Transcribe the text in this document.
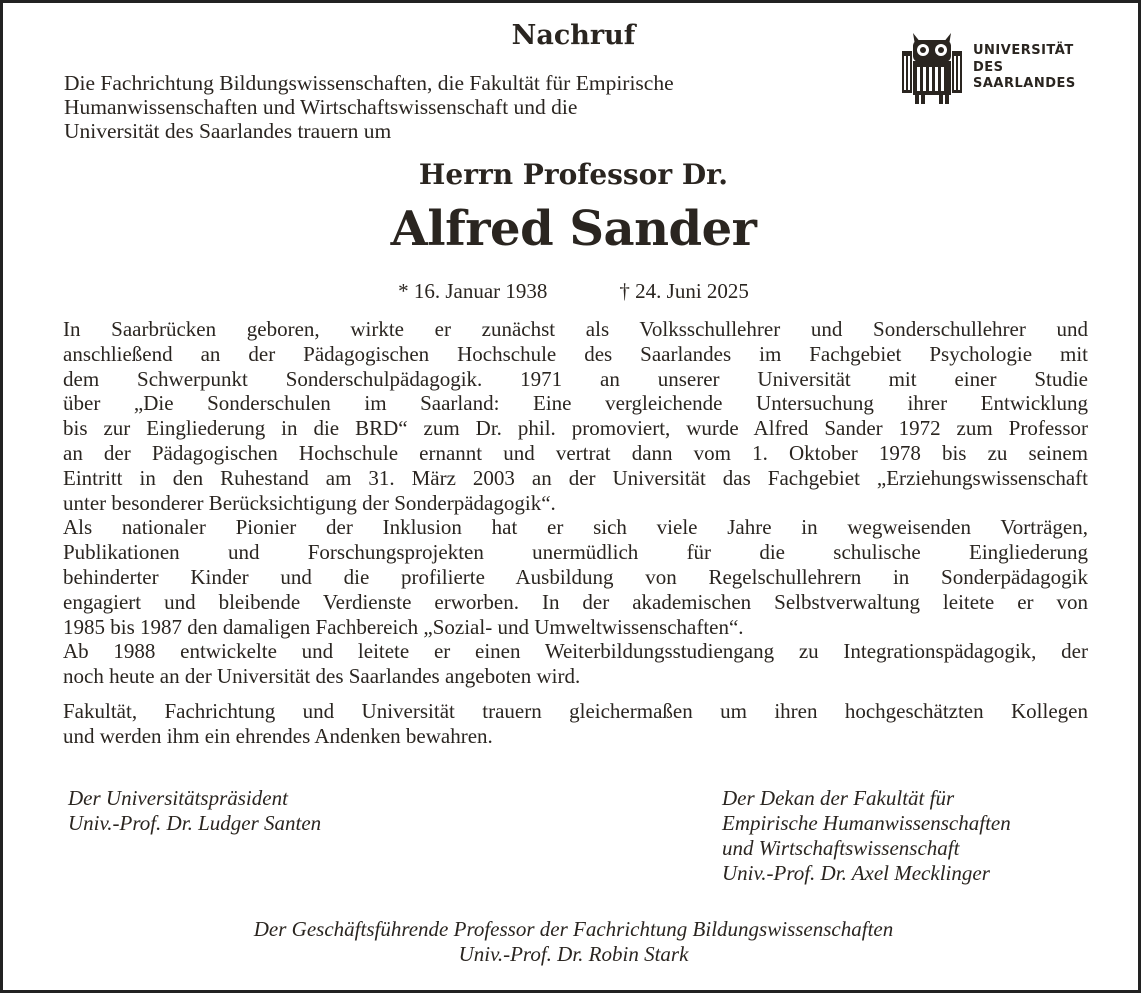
Nachruf
Die Fachrichtung Bildungswissenschaften, die Fakultät für Empirische
Humanwissenschaften und Wirtschaftswissenschaft und die
Universität des Saarlandes trauern um
UNIVERSITÄT
DES
SAARLANDES
Herrn Professor Dr.
Alfred Sander
* 16. Januar 1938	† 24. Juni 2025
In Saarbrücken geboren, wirkte er zunächst als Volksschullehrer und Sonderschullehrer und
anschließend an der Pädagogischen Hochschule des Saarlandes im Fachgebiet Psychologie mit
dem Schwerpunkt Sonderschulpädagogik. 1971 an unserer Universität mit einer Studie
über „Die Sonderschulen im Saarland: Eine vergleichende Untersuchung ihrer Entwicklung
bis zur Eingliederung in die BRD“ zum Dr. phil. promoviert, wurde Alfred Sander 1972 zum Professor
an der Pädagogischen Hochschule ernannt und vertrat dann vom 1. Oktober 1978 bis zu seinem
Eintritt in den Ruhestand am 31. März 2003 an der Universität das Fachgebiet „Erziehungswissenschaft
unter besonderer Berücksichtigung der Sonderpädagogik“.
Als nationaler Pionier der Inklusion hat er sich viele Jahre in wegweisenden Vorträgen,
Publikationen und Forschungsprojekten unermüdlich für die schulische Eingliederung
behinderter Kinder und die profilierte Ausbildung von Regelschullehrern in Sonderpädagogik
engagiert und bleibende Verdienste erworben. In der akademischen Selbstverwaltung leitete er von
1985 bis 1987 den damaligen Fachbereich „Sozial- und Umweltwissenschaften“.
Ab 1988 entwickelte und leitete er einen Weiterbildungsstudiengang zu Integrationspädagogik, der
noch heute an der Universität des Saarlandes angeboten wird.
Fakultät, Fachrichtung und Universität trauern gleichermaßen um ihren hochgeschätzten Kollegen
und werden ihm ein ehrendes Andenken bewahren.
Der Universitätspräsident
Univ.-Prof. Dr. Ludger Santen
Der Dekan der Fakultät für
Empirische Humanwissenschaften
und Wirtschaftswissenschaft
Univ.-Prof. Dr. Axel Mecklinger
Der Geschäftsführende Professor der Fachrichtung Bildungswissenschaften
Univ.-Prof. Dr. Robin Stark
